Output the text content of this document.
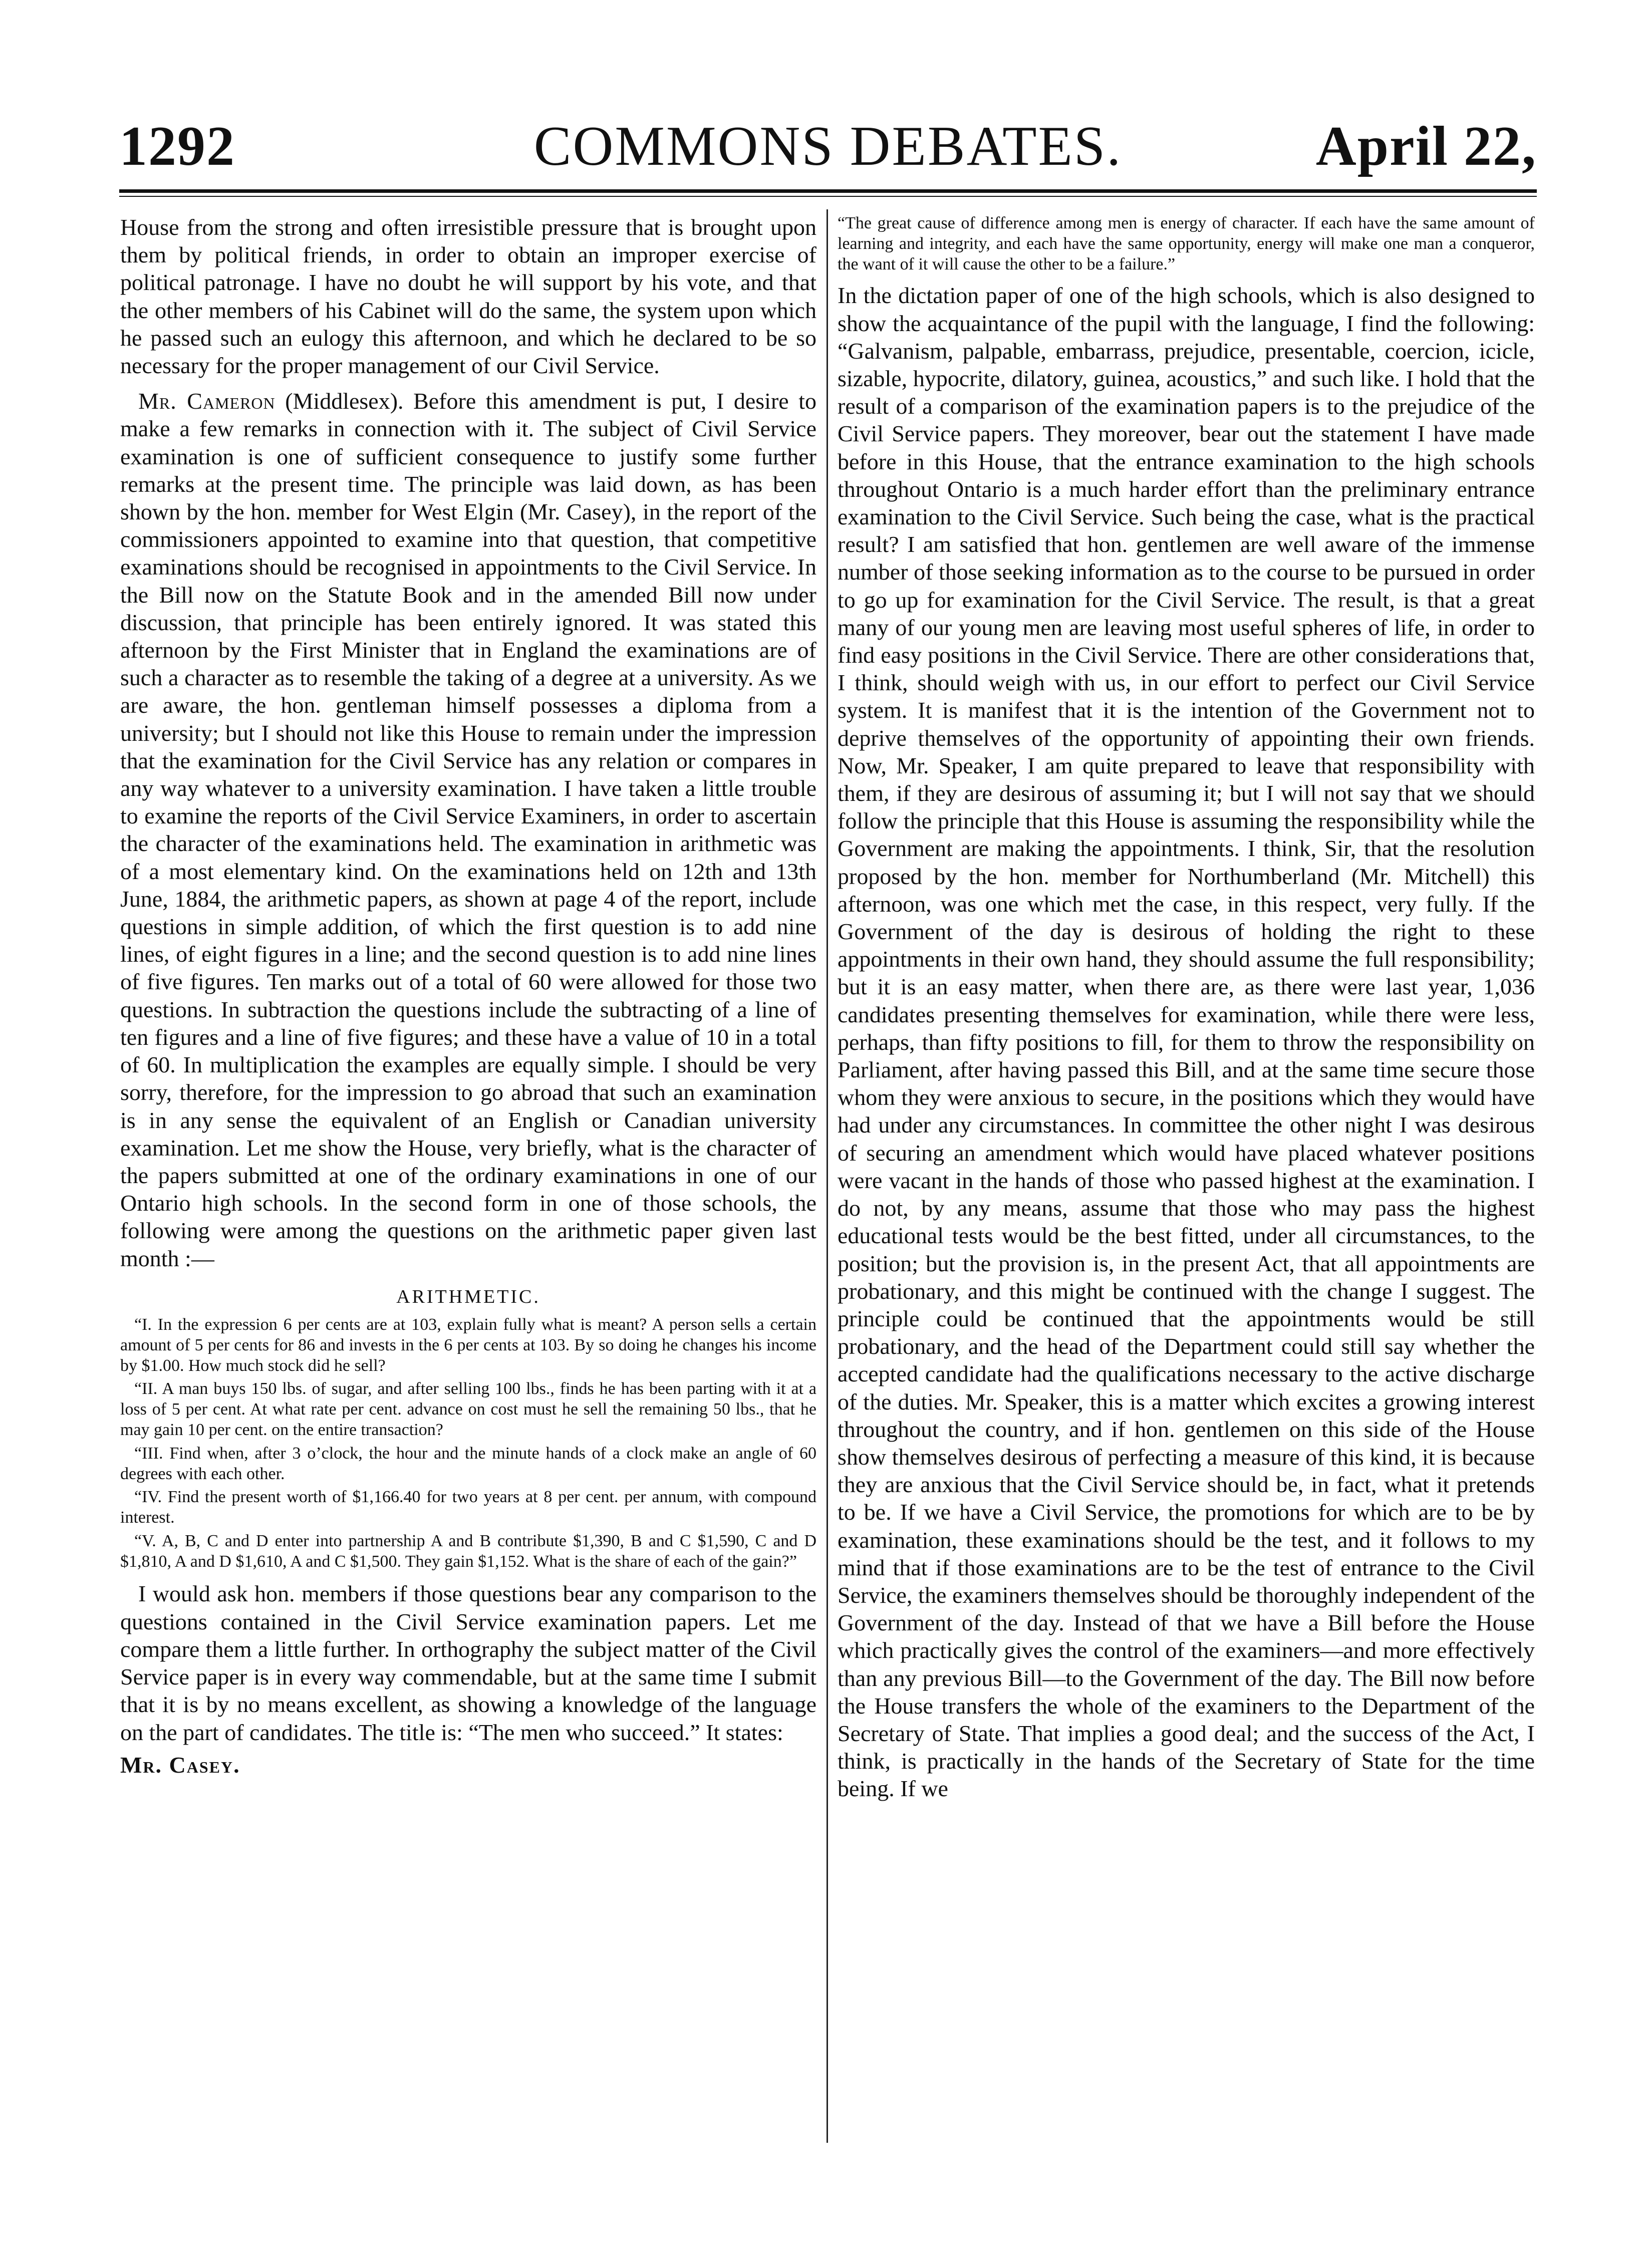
1292	COMMONS DEBATES.	April 22,

House from the strong and often irresistible pressure that is brought upon them by political friends, in order to obtain an improper exercise of political patronage. I have no doubt he will support by his vote, and that the other members of his Cabinet will do the same, the system upon which he passed such an eulogy this afternoon, and which he declared to be so necessary for the proper management of our Civil Service.

Mr. Cameron (Middlesex). Before this amendment is put, I desire to make a few remarks in connection with it. The subject of Civil Service examination is one of sufficient consequence to justify some further remarks at the present time. The principle was laid down, as has been shown by the hon. member for West Elgin (Mr. Casey), in the report of the commissioners appointed to examine into that question, that competitive examinations should be recognised in appointments to the Civil Service. In the Bill now on the Statute Book and in the amended Bill now under discussion, that principle has been entirely ignored. It was stated this afternoon by the First Minister that in England the examinations are of such a character as to resemble the taking of a degree at a university. As we are aware, the hon. gentleman himself possesses a diploma from a university; but I should not like this House to remain under the impression that the examination for the Civil Service has any relation or compares in any way whatever to a university examination. I have taken a little trouble to examine the reports of the Civil Service Examiners, in order to ascertain the character of the examinations held. The examination in arithmetic was of a most elementary kind. On the examinations held on 12th and 13th June, 1884, the arithmetic papers, as shown at page 4 of the report, include questions in simple addition, of which the first question is to add nine lines, of eight figures in a line; and the second question is to add nine lines of five figures. Ten marks out of a total of 60 were allowed for those two questions. In subtraction the questions include the subtracting of a line of ten figures and a line of five figures; and these have a value of 10 in a total of 60. In multiplication the examples are equally simple. I should be very sorry, therefore, for the impression to go abroad that such an examination is in any sense the equivalent of an English or Canadian university examination. Let me show the House, very briefly, what is the character of the papers submitted at one of the ordinary examinations in one of our Ontario high schools. In the second form in one of those schools, the following were among the questions on the arithmetic paper given last month :—

ARITHMETIC.

“I. In the expression 6 per cents are at 103, explain fully what is meant? A person sells a certain amount of 5 per cents for 86 and invests in the 6 per cents at 103. By so doing he changes his income by $1.00. How much stock did he sell?

“II. A man buys 150 lbs. of sugar, and after selling 100 lbs., finds he has been parting with it at a loss of 5 per cent. At what rate per cent. advance on cost must he sell the remaining 50 lbs., that he may gain 10 per cent. on the entire transaction?

“III. Find when, after 3 o’clock, the hour and the minute hands of a clock make an angle of 60 degrees with each other.

“IV. Find the present worth of $1,166.40 for two years at 8 per cent. per annum, with compound interest.

“V. A, B, C and D enter into partnership A and B contribute $1,390, B and C $1,590, C and D $1,810, A and D $1,610, A and C $1,500. They gain $1,152. What is the share of each of the gain?”

I would ask hon. members if those questions bear any comparison to the questions contained in the Civil Service examination papers. Let me compare them a little further. In orthography the subject matter of the Civil Service paper is in every way commendable, but at the same time I submit that it is by no means excellent, as showing a knowledge of the language on the part of candidates. The title is: “The men who succeed.” It states:

Mr. Casey.

“The great cause of difference among men is energy of character. If each have the same amount of learning and integrity, and each have the same opportunity, energy will make one man a conqueror, the want of it will cause the other to be a failure.”

In the dictation paper of one of the high schools, which is also designed to show the acquaintance of the pupil with the language, I find the following: “Galvanism, palpable, embarrass, prejudice, presentable, coercion, icicle, sizable, hypocrite, dilatory, guinea, acoustics,” and such like. I hold that the result of a comparison of the examination papers is to the prejudice of the Civil Service papers. They moreover, bear out the statement I have made before in this House, that the entrance examination to the high schools throughout Ontario is a much harder effort than the preliminary entrance examination to the Civil Service. Such being the case, what is the practical result? I am satisfied that hon. gentlemen are well aware of the immense number of those seeking information as to the course to be pursued in order to go up for examination for the Civil Service. The result, is that a great many of our young men are leaving most useful spheres of life, in order to find easy positions in the Civil Service. There are other considerations that, I think, should weigh with us, in our effort to perfect our Civil Service system. It is manifest that it is the intention of the Government not to deprive themselves of the opportunity of appointing their own friends. Now, Mr. Speaker, I am quite prepared to leave that responsibility with them, if they are desirous of assuming it; but I will not say that we should follow the principle that this House is assuming the responsibility while the Government are making the appointments. I think, Sir, that the resolution proposed by the hon. member for Northumberland (Mr. Mitchell) this afternoon, was one which met the case, in this respect, very fully. If the Government of the day is desirous of holding the right to these appointments in their own hand, they should assume the full responsibility; but it is an easy matter, when there are, as there were last year, 1,036 candidates presenting themselves for examination, while there were less, perhaps, than fifty positions to fill, for them to throw the responsibility on Parliament, after having passed this Bill, and at the same time secure those whom they were anxious to secure, in the positions which they would have had under any circumstances. In committee the other night I was desirous of securing an amendment which would have placed whatever positions were vacant in the hands of those who passed highest at the examination. I do not, by any means, assume that those who may pass the highest educational tests would be the best fitted, under all circumstances, to the position; but the provision is, in the present Act, that all appointments are probationary, and this might be continued with the change I suggest. The principle could be continued that the appointments would be still probationary, and the head of the Department could still say whether the accepted candidate had the qualifications necessary to the active discharge of the duties. Mr. Speaker, this is a matter which excites a growing interest throughout the country, and if hon. gentlemen on this side of the House show themselves desirous of perfecting a measure of this kind, it is because they are anxious that the Civil Service should be, in fact, what it pretends to be. If we have a Civil Service, the promotions for which are to be by examination, these examinations should be the test, and it follows to my mind that if those examinations are to be the test of entrance to the Civil Service, the examiners themselves should be thoroughly independent of the Government of the day. Instead of that we have a Bill before the House which practically gives the control of the examiners—and more effectively than any previous Bill—to the Government of the day. The Bill now before the House transfers the whole of the examiners to the Department of the Secretary of State. That implies a good deal; and the success of the Act, I think, is practically in the hands of the Secretary of State for the time being. If we
